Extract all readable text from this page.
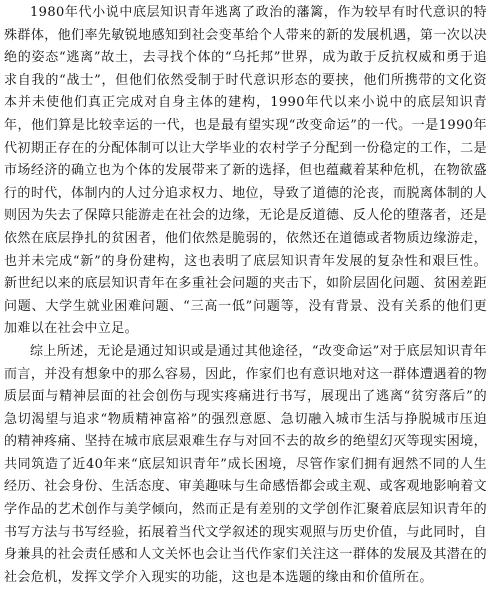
1980年代小说中底层知识青年逃离了政治的藩篱，作为较早有时代意识的特殊群体，他们率先敏锐地感知到社会变革给个人带来的新的发展机遇，第一次以决绝的姿态“逃离”故土，去寻找个体的“乌托邦”世界，成为敢于反抗权威和勇于追求自我的“战士”，但他们依然受制于时代意识形态的要挟，他们所携带的文化资本并未使他们真正完成对自身主体的建构，1990年代以来小说中的底层知识青年，他们算是比较幸运的一代，也是最有望实现“改变命运”的一代。一是1990年代初期正存在的分配体制可以让大学毕业的农村学子分配到一份稳定的工作，二是市场经济的确立也为个体的发展带来了新的选择，但也蕴藏着某种危机，在物欲盛行的时代，体制内的人过分追求权力、地位，导致了道德的沦丧，而脱离体制的人则因为失去了保障只能游走在社会的边缘，无论是反道德、反人伦的堕落者，还是依然在底层挣扎的贫困者，他们依然是脆弱的，依然还在道德或者物质边缘游走，也并未完成“新”的身份建构，这也表明了底层知识青年发展的复杂性和艰巨性。新世纪以来的底层知识青年在多重社会问题的夹击下，如阶层固化问题、贫困差距问题、大学生就业困难问题、“三高一低”问题等，没有背景、没有关系的他们更加难以在社会中立足。

综上所述，无论是通过知识或是通过其他途径，“改变命运”对于底层知识青年而言，并没有想象中的那么容易，因此，作家们也有意识地对这一群体遭遇着的物质层面与精神层面的社会创伤与现实疼痛进行书写，展现出了逃离“贫穷落后”的急切渴望与追求“物质精神富裕”的强烈意愿、急切融入城市生活与挣脱城市压迫的精神疼痛、坚持在城市底层艰难生存与对回不去的故乡的绝望幻灭等现实困境，共同筑造了近40年来“底层知识青年”成长困境，尽管作家们拥有迥然不同的人生经历、社会身份、生活态度、审美趣味与生命感悟都会或主观、或客观地影响着文学作品的艺术创作与美学倾向，然而正是有差别的文学创作汇聚着底层知识青年的书写方法与书写经验，拓展着当代文学叙述的现实观照与历史价值，与此同时，自身兼具的社会责任感和人文关怀也会让当代作家们关注这一群体的发展及其潜在的社会危机，发挥文学介入现实的功能，这也是本选题的缘由和价值所在。
